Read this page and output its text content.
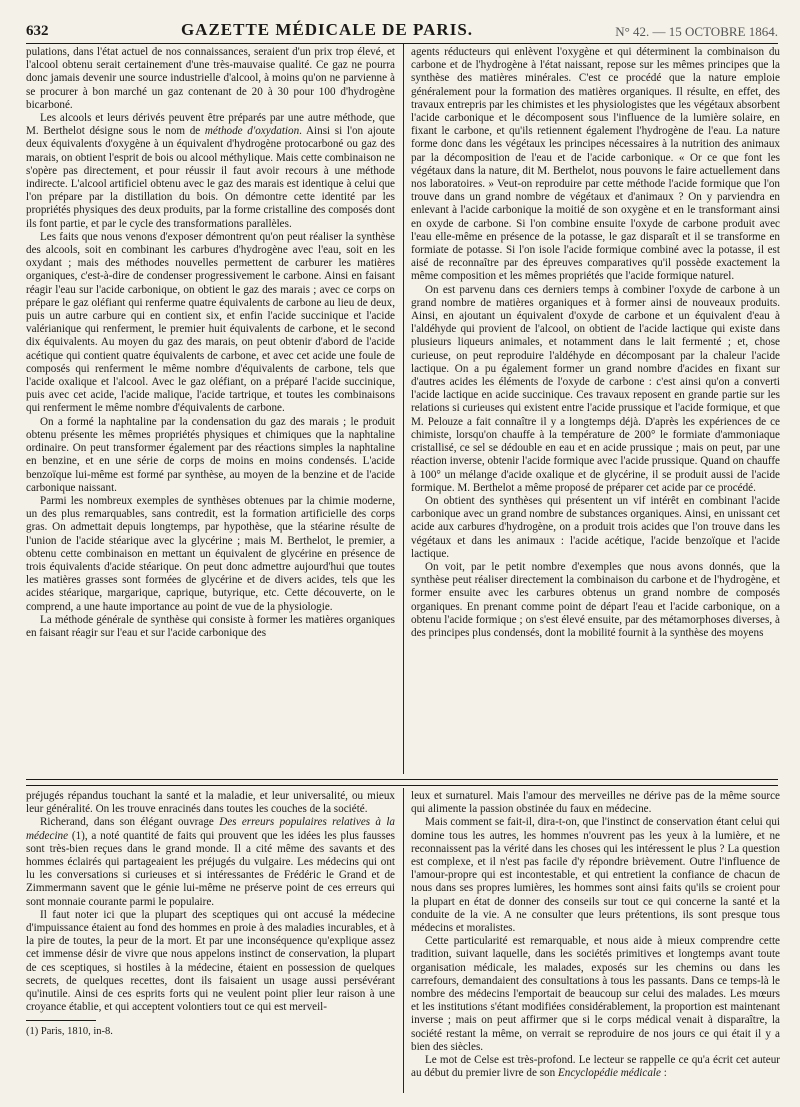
632	GAZETTE MÉDICALE DE PARIS.	N° 42. — 15 OCTOBRE 1864.

pulations, dans l'état actuel de nos connaissances, seraient d'un prix trop élevé, et l'alcool obtenu serait certainement d'une très-mauvaise qualité. Ce gaz ne pourra donc jamais devenir une source industrielle d'alcool, à moins qu'on ne parvienne à se procurer à bon marché un gaz contenant de 20 à 30 pour 100 d'hydrogène bicarboné.

Les alcools et leurs dérivés peuvent être préparés par une autre méthode, que M. Berthelot désigne sous le nom de méthode d'oxydation. Ainsi si l'on ajoute deux équivalents d'oxygène à un équivalent d'hydrogène protocarboné ou gaz des marais, on obtient l'esprit de bois ou alcool méthylique. Mais cette combinaison ne s'opère pas directement, et pour réussir il faut avoir recours à une méthode indirecte. L'alcool artificiel obtenu avec le gaz des marais est identique à celui que l'on prépare par la distillation du bois. On démontre cette identité par les propriétés physiques des deux produits, par la forme cristalline des composés dont ils font partie, et par le cycle des transformations parallèles.

Les faits que nous venons d'exposer démontrent qu'on peut réaliser la synthèse des alcools, soit en combinant les carbures d'hydrogène avec l'eau, soit en les oxydant ; mais des méthodes nouvelles permettent de carburer les matières organiques, c'est-à-dire de condenser progressivement le carbone. Ainsi en faisant réagir l'eau sur l'acide carbonique, on obtient le gaz des marais ; avec ce corps on prépare le gaz oléfiant qui renferme quatre équivalents de carbone au lieu de deux, puis un autre carbure qui en contient six, et enfin l'acide succinique et l'acide valérianique qui renferment, le premier huit équivalents de carbone, et le second dix équivalents. Au moyen du gaz des marais, on peut obtenir d'abord de l'acide acétique qui contient quatre équivalents de carbone, et avec cet acide une foule de composés qui renferment le même nombre d'équivalents de carbone, tels que l'acide oxalique et l'alcool. Avec le gaz oléfiant, on a préparé l'acide succinique, puis avec cet acide, l'acide malique, l'acide tartrique, et toutes les combinaisons qui renferment le même nombre d'équivalents de carbone.

On a formé la naphtaline par la condensation du gaz des marais ; le produit obtenu présente les mêmes propriétés physiques et chimiques que la naphtaline ordinaire. On peut transformer également par des réactions simples la naphtaline en benzine, et en une série de corps de moins en moins condensés. L'acide benzoïque lui-même est formé par synthèse, au moyen de la benzine et de l'acide carbonique naissant.

Parmi les nombreux exemples de synthèses obtenues par la chimie moderne, un des plus remarquables, sans contredit, est la formation artificielle des corps gras. On admettait depuis longtemps, par hypothèse, que la stéarine résulte de l'union de l'acide stéarique avec la glycérine ; mais M. Berthelot, le premier, a obtenu cette combinaison en mettant un équivalent de glycérine en présence de trois équivalents d'acide stéarique. On peut donc admettre aujourd'hui que toutes les matières grasses sont formées de glycérine et de divers acides, tels que les acides stéarique, margarique, caprique, butyrique, etc. Cette découverte, on le comprend, a une haute importance au point de vue de la physiologie.

La méthode générale de synthèse qui consiste à former les matières organiques en faisant réagir sur l'eau et sur l'acide carbonique des

agents réducteurs qui enlèvent l'oxygène et qui déterminent la combinaison du carbone et de l'hydrogène à l'état naissant, repose sur les mêmes principes que la synthèse des matières minérales. C'est ce procédé que la nature emploie généralement pour la formation des matières organiques. Il résulte, en effet, des travaux entrepris par les chimistes et les physiologistes que les végétaux absorbent l'acide carbonique et le décomposent sous l'influence de la lumière solaire, en fixant le carbone, et qu'ils retiennent également l'hydrogène de l'eau. La nature forme donc dans les végétaux les principes nécessaires à la nutrition des animaux par la décomposition de l'eau et de l'acide carbonique. « Or ce que font les végétaux dans la nature, dit M. Berthelot, nous pouvons le faire actuellement dans nos laboratoires. » Veut-on reproduire par cette méthode l'acide formique que l'on trouve dans un grand nombre de végétaux et d'animaux ? On y parviendra en enlevant à l'acide carbonique la moitié de son oxygène et en le transformant ainsi en oxyde de carbone. Si l'on combine ensuite l'oxyde de carbone produit avec l'eau elle-même en présence de la potasse, le gaz disparaît et il se transforme en formiate de potasse. Si l'on isole l'acide formique combiné avec la potasse, il est aisé de reconnaître par des épreuves comparatives qu'il possède exactement la même composition et les mêmes propriétés que l'acide formique naturel.

On est parvenu dans ces derniers temps à combiner l'oxyde de carbone à un grand nombre de matières organiques et à former ainsi de nouveaux produits. Ainsi, en ajoutant un équivalent d'oxyde de carbone et un équivalent d'eau à l'aldéhyde qui provient de l'alcool, on obtient de l'acide lactique qui existe dans plusieurs liqueurs animales, et notamment dans le lait fermenté ; et, chose curieuse, on peut reproduire l'aldéhyde en décomposant par la chaleur l'acide lactique. On a pu également former un grand nombre d'acides en fixant sur d'autres acides les éléments de l'oxyde de carbone : c'est ainsi qu'on a converti l'acide lactique en acide succinique. Ces travaux reposent en grande partie sur les relations si curieuses qui existent entre l'acide prussique et l'acide formique, et que M. Pelouze a fait connaître il y a longtemps déjà. D'après les expériences de ce chimiste, lorsqu'on chauffe à la température de 200° le formiate d'ammoniaque cristallisé, ce sel se dédouble en eau et en acide prussique ; mais on peut, par une réaction inverse, obtenir l'acide formique avec l'acide prussique. Quand on chauffe à 100° un mélange d'acide oxalique et de glycérine, il se produit aussi de l'acide formique. M. Berthelot a même proposé de préparer cet acide par ce procédé.

On obtient des synthèses qui présentent un vif intérêt en combinant l'acide carbonique avec un grand nombre de substances organiques. Ainsi, en unissant cet acide aux carbures d'hydrogène, on a produit trois acides que l'on trouve dans les végétaux et dans les animaux : l'acide acétique, l'acide benzoïque et l'acide lactique.

On voit, par le petit nombre d'exemples que nous avons donnés, que la synthèse peut réaliser directement la combinaison du carbone et de l'hydrogène, et former ensuite avec les carbures obtenus un grand nombre de composés organiques. En prenant comme point de départ l'eau et l'acide carbonique, on a obtenu l'acide formique ; on s'est élevé ensuite, par des métamorphoses diverses, à des principes plus condensés, dont la mobilité fournit à la synthèse des moyens

préjugés répandus touchant la santé et la maladie, et leur universalité, ou mieux leur généralité. On les trouve enracinés dans toutes les couches de la société.

Richerand, dans son élégant ouvrage Des erreurs populaires relatives à la médecine (1), a noté quantité de faits qui prouvent que les idées les plus fausses sont très-bien reçues dans le grand monde. Il a cité même des savants et des hommes éclairés qui partageaient les préjugés du vulgaire. Les médecins qui ont lu les conversations si curieuses et si intéressantes de Frédéric le Grand et de Zimmermann savent que le génie lui-même ne préserve point de ces erreurs qui sont monnaie courante parmi le populaire.

Il faut noter ici que la plupart des sceptiques qui ont accusé la médecine d'impuissance étaient au fond des hommes en proie à des maladies incurables, et à la pire de toutes, la peur de la mort. Et par une inconséquence qu'explique assez cet immense désir de vivre que nous appelons instinct de conservation, la plupart de ces sceptiques, si hostiles à la médecine, étaient en possession de quelques secrets, de quelques recettes, dont ils faisaient un usage aussi persévérant qu'inutile. Ainsi de ces esprits forts qui ne veulent point plier leur raison à une croyance établie, et qui acceptent volontiers tout ce qui est merveil-

(1) Paris, 1810, in-8.

leux et surnaturel. Mais l'amour des merveilles ne dérive pas de la même source qui alimente la passion obstinée du faux en médecine.

Mais comment se fait-il, dira-t-on, que l'instinct de conservation étant celui qui domine tous les autres, les hommes n'ouvrent pas les yeux à la lumière, et ne reconnaissent pas la vérité dans les choses qui les intéressent le plus ? La question est complexe, et il n'est pas facile d'y répondre brièvement. Outre l'influence de l'amour-propre qui est incontestable, et qui entretient la confiance de chacun de nous dans ses propres lumières, les hommes sont ainsi faits qu'ils se croient pour la plupart en état de donner des conseils sur tout ce qui concerne la santé et la conduite de la vie. A ne consulter que leurs prétentions, ils sont presque tous médecins et moralistes.

Cette particularité est remarquable, et nous aide à mieux comprendre cette tradition, suivant laquelle, dans les sociétés primitives et longtemps avant toute organisation médicale, les malades, exposés sur les chemins ou dans les carrefours, demandaient des consultations à tous les passants. Dans ce temps-là le nombre des médecins l'emportait de beaucoup sur celui des malades. Les mœurs et les institutions s'étant modifiées considérablement, la proportion est maintenant inverse ; mais on peut affirmer que si le corps médical venait à disparaître, la société restant la même, on verrait se reproduire de nos jours ce qui était il y a bien des siècles.

Le mot de Celse est très-profond. Le lecteur se rappelle ce qu'a écrit cet auteur au début du premier livre de son Encyclopédie médicale :
